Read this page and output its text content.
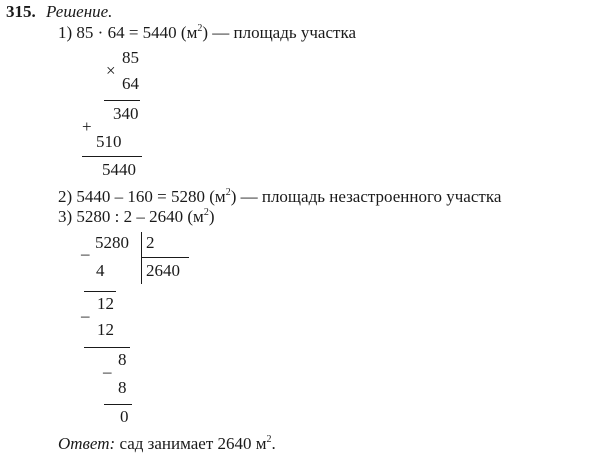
315. Решение.
1) 85 · 64 = 5440 $(м^2)$ — площадь участка
×
85
64
340
+
510
5440
2) 5440 – 160 = 5280 $(м^2)$ — площадь незастроенного участка
3) 5280 : 2 – 2640 $(м^2)$
–
5280 2
2640
4
12
–
12
8
–
8
0
Ответ: сад занимает 2640 $м^2$.
